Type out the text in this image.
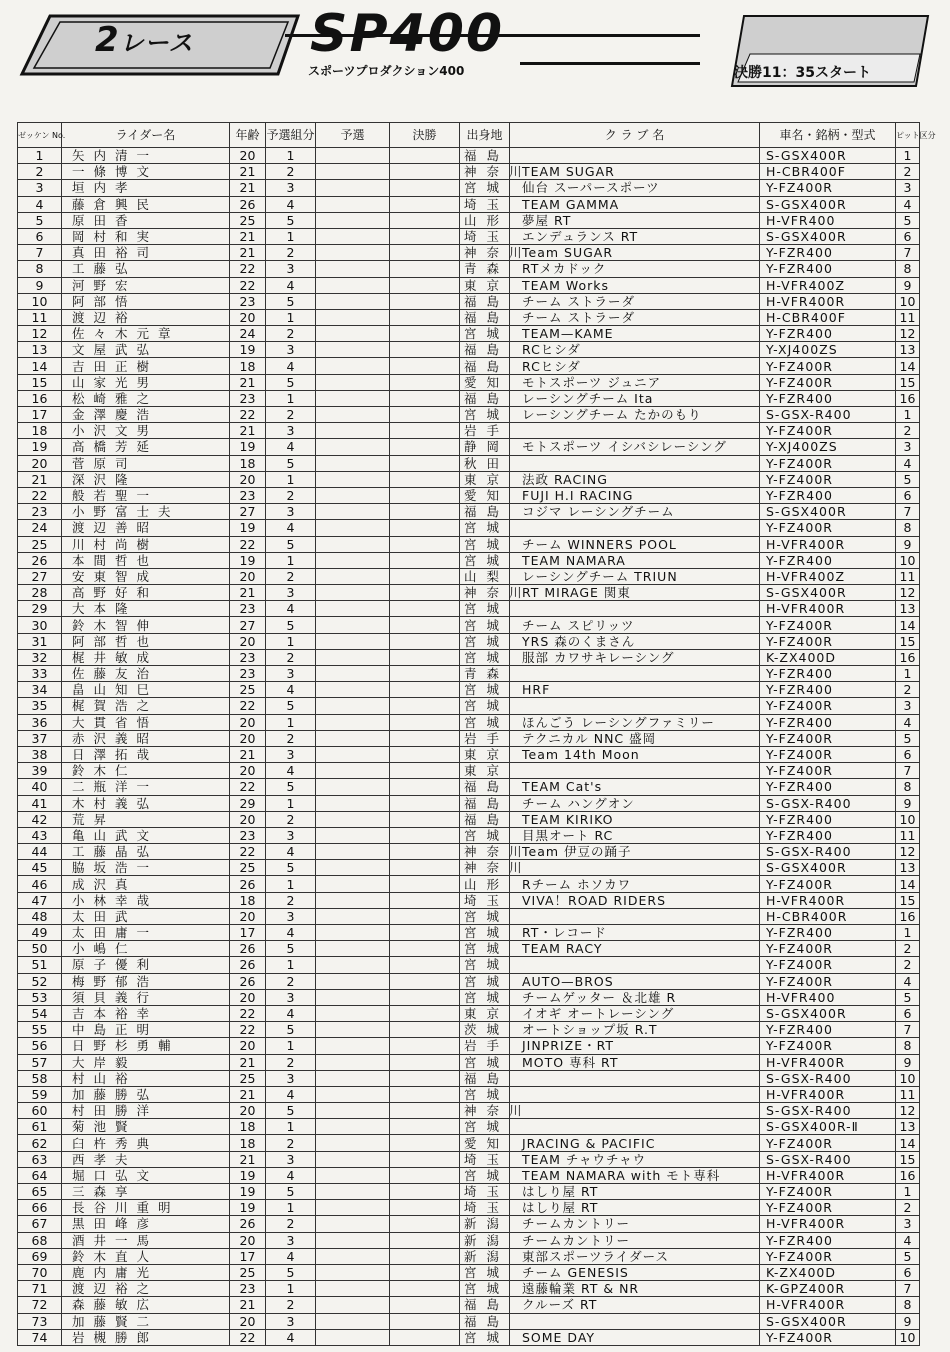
2レース SP400
スポーツプロダクション400	決勝11：35スタート
ゼッケン No.	ライダー名	年齢	予選組分	予選	決勝	出身地	ク ラ ブ 名	車名・銘柄・型式	ピット区分
1	矢内清一	20	1			福島		S-GSX400R	1
2	一條博文	21	2			神奈川	TEAM SUGAR	H-CBR400F	2
3	垣内孝	21	3			宮城	仙台 スーパースポーツ	Y-FZ400R	3
4	藤倉興民	26	4			埼玉	TEAM GAMMA	S-GSX400R	4
5	原田香	25	5			山形	夢屋 RT	H-VFR400	5
6	岡村和実	21	1			埼玉	エンデュランス RT	S-GSX400R	6
7	真田裕司	21	2			神奈川	Team SUGAR	Y-FZR400	7
8	工藤弘	22	3			青森	RTメカドック	Y-FZR400	8
9	河野宏	22	4			東京	TEAM Works	H-VFR400Z	9
10	阿部悟	23	5			福島	チーム ストラーダ	H-VFR400R	10
11	渡辺裕	20	1			福島	チーム ストラーダ	H-CBR400F	11
12	佐々木元章	24	2			宮城	TEAM—KAME	Y-FZR400	12
13	文屋武弘	19	3			福島	RCヒシダ	Y-XJ400ZS	13
14	吉田正樹	18	4			福島	RCヒシダ	Y-FZ400R	14
15	山家光男	21	5			愛知	モトスポーツ ジュニア	Y-FZ400R	15
16	松崎雅之	23	1			福島	レーシングチーム Ita	Y-FZR400	16
17	金澤慶浩	22	2			宮城	レーシングチーム たかのもり	S-GSX-R400	1
18	小沢文男	21	3			岩手		Y-FZ400R	2
19	高橋芳延	19	4			静岡	モトスポーツ イシバシレーシング	Y-XJ400ZS	3
20	菅原司	18	5			秋田		Y-FZ400R	4
21	深沢隆	20	1			東京	法政 RACING	Y-FZ400R	5
22	般若聖一	23	2			愛知	FUJI H.I RACING	Y-FZR400	6
23	小野富士夫	27	3			福島	コジマ レーシングチーム	S-GSX400R	7
24	渡辺善昭	19	4			宮城		Y-FZ400R	8
25	川村尚樹	22	5			宮城	チーム WINNERS POOL	H-VFR400R	9
26	本間哲也	19	1			宮城	TEAM NAMARA	Y-FZR400	10
27	安東智成	20	2			山梨	レーシングチーム TRIUN	H-VFR400Z	11
28	高野好和	21	3			神奈川	RT MIRAGE 関東	S-GSX400R	12
29	大本隆	23	4			宮城		H-VFR400R	13
30	鈴木智伸	27	5			宮城	チーム スピリッツ	Y-FZ400R	14
31	阿部哲也	20	1			宮城	YRS 森のくまさん	Y-FZ400R	15
32	梶井敏成	23	2			宮城	服部 カワサキレーシング	K-ZX400D	16
33	佐藤友治	23	3			青森		Y-FZR400	1
34	畠山知巳	25	4			宮城	HRF	Y-FZR400	2
35	梶賀浩之	22	5			宮城		Y-FZ400R	3
36	大貫省悟	20	1			宮城	ほんごう レーシングファミリー	Y-FZR400	4
37	赤沢義昭	20	2			岩手	テクニカル NNC 盛岡	Y-FZ400R	5
38	日澤拓哉	21	3			東京	Team 14th Moon	Y-FZ400R	6
39	鈴木仁	20	4			東京		Y-FZ400R	7
40	二瓶洋一	22	5			福島	TEAM Cat's	Y-FZR400	8
41	木村義弘	29	1			福島	チーム ハングオン	S-GSX-R400	9
42	荒昇	20	2			福島	TEAM KIRIKO	Y-FZR400	10
43	亀山武文	23	3			宮城	目黒オート RC	Y-FZR400	11
44	工藤晶弘	22	4			神奈川	Team 伊豆の踊子	S-GSX-R400	12
45	脇坂浩一	25	5			神奈川		S-GSX400R	13
46	成沢真	26	1			山形	Rチーム ホソカワ	Y-FZ400R	14
47	小林幸哉	18	2			埼玉	VIVA！ROAD RIDERS	H-VFR400R	15
48	太田武	20	3			宮城		H-CBR400R	16
49	太田庸一	17	4			宮城	RT・レコード	Y-FZR400	1
50	小嶋仁	26	5			宮城	TEAM RACY	Y-FZ400R	2
51	原子優利	26	1			宮城		Y-FZ400R	2
52	梅野郁浩	26	2			宮城	AUTO—BROS	Y-FZ400R	4
53	須貝義行	20	3			宮城	チームゲッター ＆北雄 R	H-VFR400	5
54	吉本裕幸	22	4			東京	イオギ オートレーシング	S-GSX400R	6
55	中島正明	22	5			茨城	オートショップ坂 R.T	Y-FZR400	7
56	日野杉勇輔	20	1			岩手	JINPRIZE・RT	Y-FZ400R	8
57	大岸毅	21	2			宮城	MOTO 専科 RT	H-VFR400R	9
58	村山裕	25	3			福島		S-GSX-R400	10
59	加藤勝弘	21	4			宮城		H-VFR400R	11
60	村田勝洋	20	5			神奈川		S-GSX-R400	12
61	菊池賢	18	1			宮城		S-GSX400R-Ⅱ	13
62	臼杵秀典	18	2			愛知	JRACING & PACIFIC	Y-FZ400R	14
63	西孝夫	21	3			埼玉	TEAM チャウチャウ	S-GSX-R400	15
64	堀口弘文	19	4			宮城	TEAM NAMARA with モト専科	H-VFR400R	16
65	三森享	19	5			埼玉	はしり屋 RT	Y-FZ400R	1
66	長谷川重明	19	1			埼玉	はしり屋 RT	Y-FZ400R	2
67	黒田峰彦	26	2			新潟	チームカントリー	H-VFR400R	3
68	酒井一馬	20	3			新潟	チームカントリー	Y-FZR400	4
69	鈴木直人	17	4			新潟	東部スポーツライダース	Y-FZ400R	5
70	鹿内庸光	25	5			宮城	チーム GENESIS	K-ZX400D	6
71	渡辺裕之	23	1			宮城	遠藤輪業 RT & NR	K-GPZ400R	7
72	森藤敏広	21	2			福島	クルーズ RT	H-VFR400R	8
73	加藤賢二	20	3			福島		S-GSX400R	9
74	岩槻勝郎	22	4			宮城	SOME DAY	Y-FZ400R	10
